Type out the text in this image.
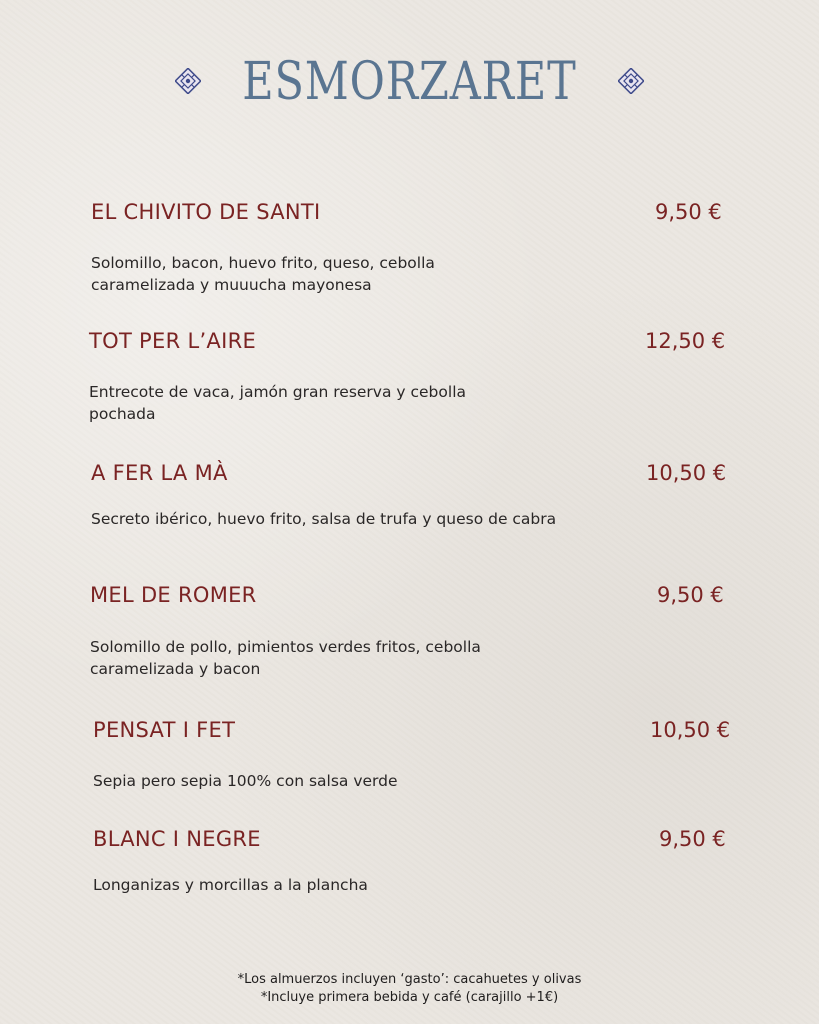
ESMORZARET
EL CHIVITO DE SANTI	9,50 €
Solomillo, bacon, huevo frito, queso, cebolla caramelizada y muuucha mayonesa
TOT PER L’AIRE	12,50 €
Entrecote de vaca, jamón gran reserva y cebolla pochada
A FER LA MÀ	10,50 €
Secreto ibérico, huevo frito, salsa de trufa y queso de cabra
MEL DE ROMER	9,50 €
Solomillo de pollo, pimientos verdes fritos, cebolla caramelizada y bacon
PENSAT I FET	10,50 €
Sepia pero sepia 100% con salsa verde
BLANC I NEGRE	9,50 €
Longanizas y morcillas a la plancha
*Los almuerzos incluyen ‘gasto’: cacahuetes y olivas
*Incluye primera bebida y café (carajillo +1€)
